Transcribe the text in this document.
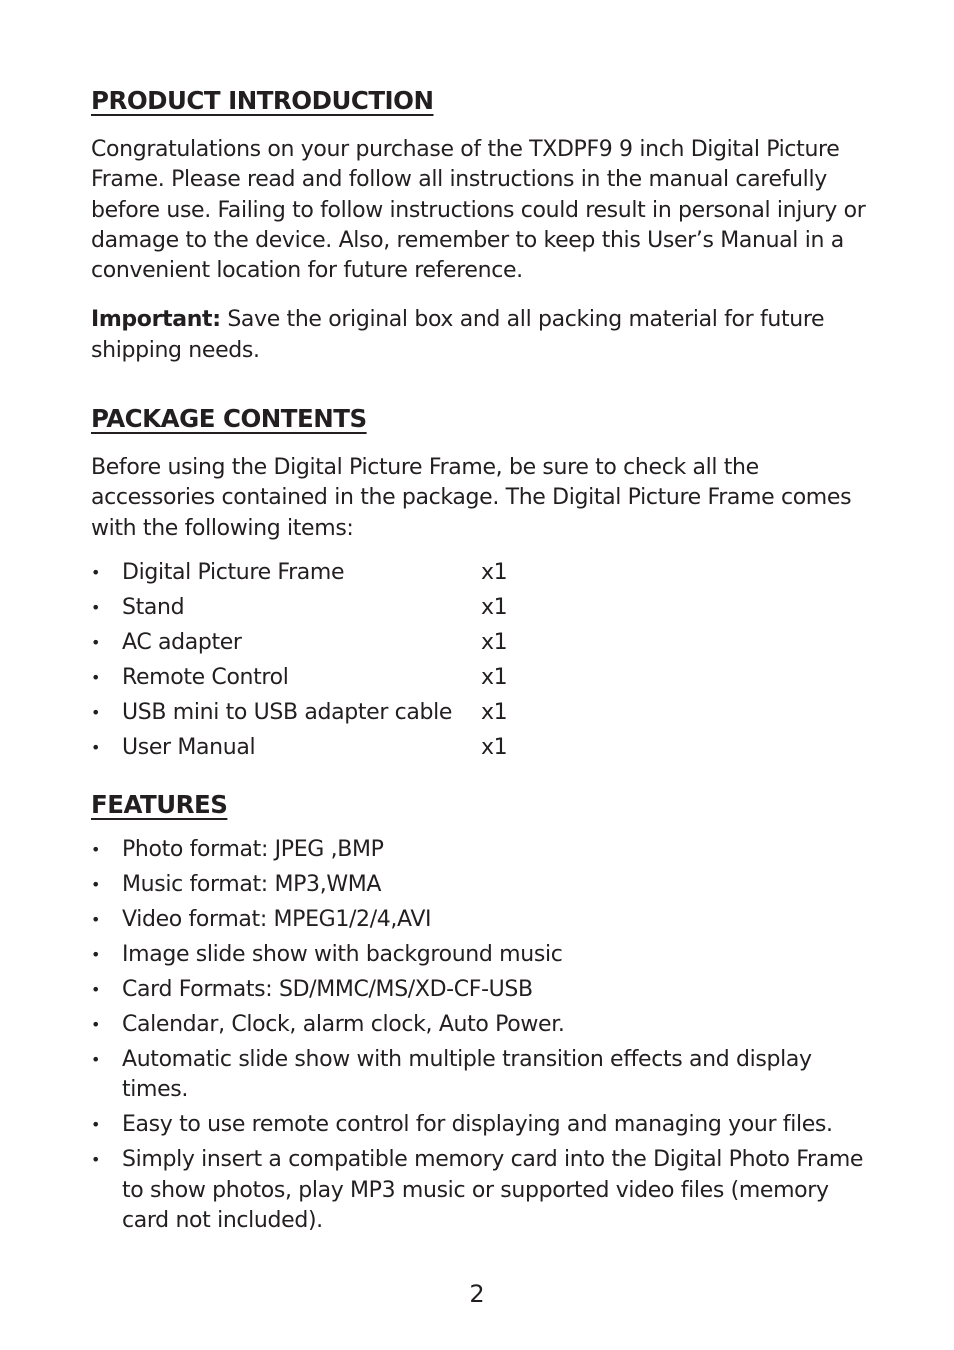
PRODUCT INTRODUCTION

Congratulations on your purchase of the TXDPF9 9 inch Digital Picture Frame. Please read and follow all instructions in the manual carefully before use. Failing to follow instructions could result in personal injury or damage to the device. Also, remember to keep this User’s Manual in a convenient location for future reference.

Important: Save the original box and all packing material for future shipping needs.

PACKAGE CONTENTS

Before using the Digital Picture Frame, be sure to check all the accessories contained in the package. The Digital Picture Frame comes with the following items:

• Digital Picture Frame	x1
• Stand	x1
• AC adapter	x1
• Remote Control	x1
• USB mini to USB adapter cable x1
• User Manual	x1
FEATURES
• Photo format: JPEG ,BMP
• Music format: MP3,WMA
• Video format: MPEG1/2/4,AVI
• Image slide show with background music
• Card Formats: SD/MMC/MS/XD-CF-USB
• Calendar, Clock, alarm clock, Auto Power.
• Automatic slide show with multiple transition effects and display times.
• Easy to use remote control for displaying and managing your files.
• Simply insert a compatible memory card into the Digital Photo Frame to show photos, play MP3 music or supported video files (memory card not included).
2
